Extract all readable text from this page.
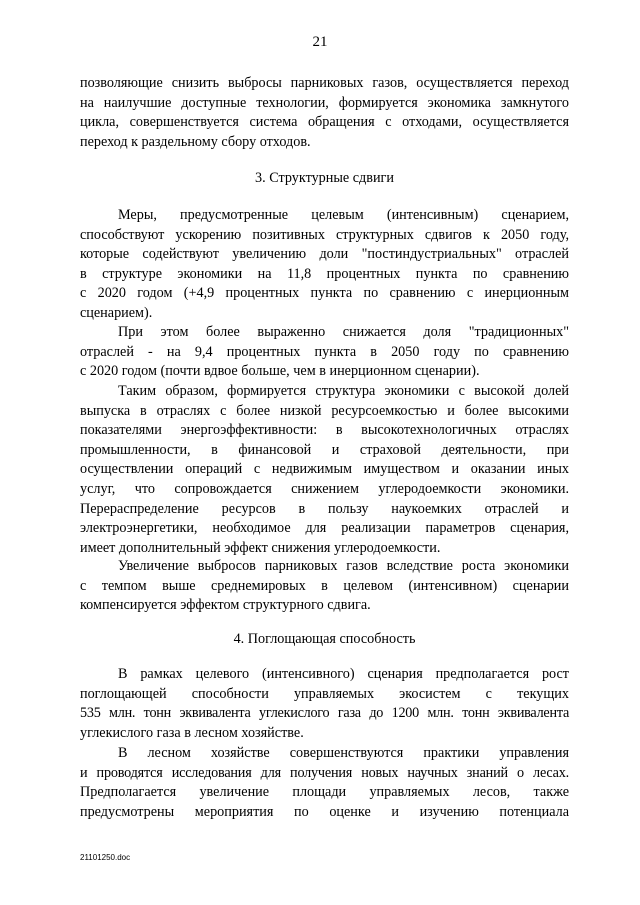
21

позволяющие снизить выбросы парниковых газов, осуществляется переход
на наилучшие доступные технологии, формируется экономика замкнутого
цикла, совершенствуется система обращения с отходами, осуществляется
переход к раздельному сбору отходов.

3. Структурные сдвиги

Меры, предусмотренные целевым (интенсивным) сценарием,
способствуют ускорению позитивных структурных сдвигов к 2050 году,
которые содействуют увеличению доли "постиндустриальных" отраслей
в структуре экономики на 11,8 процентных пункта по сравнению
с 2020 годом (+4,9 процентных пункта по сравнению с инерционным
сценарием).

При этом более выраженно снижается доля "традиционных"
отраслей - на 9,4 процентных пункта в 2050 году по сравнению
с 2020 годом (почти вдвое больше, чем в инерционном сценарии).

Таким образом, формируется структура экономики с высокой долей
выпуска в отраслях с более низкой ресурсоемкостью и более высокими
показателями энергоэффективности: в высокотехнологичных отраслях
промышленности, в финансовой и страховой деятельности, при
осуществлении операций с недвижимым имуществом и оказании иных
услуг, что сопровождается снижением углеродоемкости экономики.
Перераспределение ресурсов в пользу наукоемких отраслей и
электроэнергетики, необходимое для реализации параметров сценария,
имеет дополнительный эффект снижения углеродоемкости.

Увеличение выбросов парниковых газов вследствие роста экономики
с темпом выше среднемировых в целевом (интенсивном) сценарии
компенсируется эффектом структурного сдвига.

4. Поглощающая способность

В рамках целевого (интенсивного) сценария предполагается рост
поглощающей способности управляемых экосистем с текущих
535 млн. тонн эквивалента углекислого газа до 1200 млн. тонн эквивалента
углекислого газа в лесном хозяйстве.

В лесном хозяйстве совершенствуются практики управления
и проводятся исследования для получения новых научных знаний о лесах.
Предполагается увеличение площади управляемых лесов, также
предусмотрены мероприятия по оценке и изучению потенциала

21101250.doc
